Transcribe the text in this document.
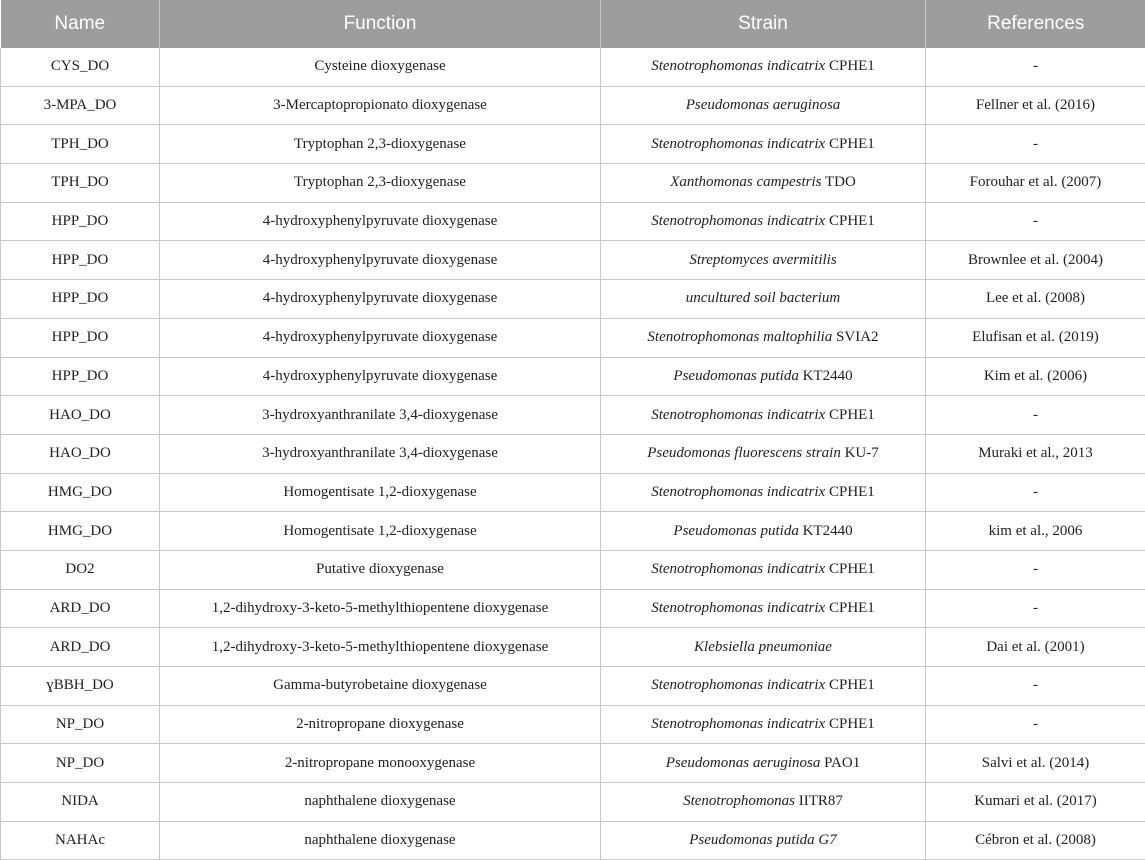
Name	Function	Strain	References
CYS_DO	Cysteine dioxygenase	Stenotrophomonas indicatrix CPHE1	-
3-MPA_DO	3-Mercaptopropionato dioxygenase	Pseudomonas aeruginosa	Fellner et al. (2016)
TPH_DO	Tryptophan 2,3-dioxygenase	Stenotrophomonas indicatrix CPHE1	-
TPH_DO	Tryptophan 2,3-dioxygenase	Xanthomonas campestris TDO	Forouhar et al. (2007)
HPP_DO	4-hydroxyphenylpyruvate dioxygenase	Stenotrophomonas indicatrix CPHE1	-
HPP_DO	4-hydroxyphenylpyruvate dioxygenase	Streptomyces avermitilis	Brownlee et al. (2004)
HPP_DO	4-hydroxyphenylpyruvate dioxygenase	uncultured soil bacterium	Lee et al. (2008)
HPP_DO	4-hydroxyphenylpyruvate dioxygenase	Stenotrophomonas maltophilia SVIA2	Elufisan et al. (2019)
HPP_DO	4-hydroxyphenylpyruvate dioxygenase	Pseudomonas putida KT2440	Kim et al. (2006)
HAO_DO	3-hydroxyanthranilate 3,4-dioxygenase	Stenotrophomonas indicatrix CPHE1	-
HAO_DO	3-hydroxyanthranilate 3,4-dioxygenase	Pseudomonas fluorescens strain KU-7	Muraki et al., 2013
HMG_DO	Homogentisate 1,2-dioxygenase	Stenotrophomonas indicatrix CPHE1	-
HMG_DO	Homogentisate 1,2-dioxygenase	Pseudomonas putida KT2440	kim et al., 2006
DO2	Putative dioxygenase	Stenotrophomonas indicatrix CPHE1	-
ARD_DO	1,2-dihydroxy-3-keto-5-methylthiopentene dioxygenase	Stenotrophomonas indicatrix CPHE1	-
ARD_DO	1,2-dihydroxy-3-keto-5-methylthiopentene dioxygenase	Klebsiella pneumoniae	Dai et al. (2001)
ɣBBH_DO	Gamma-butyrobetaine dioxygenase	Stenotrophomonas indicatrix CPHE1	-
NP_DO	2-nitropropane dioxygenase	Stenotrophomonas indicatrix CPHE1	-
NP_DO	2-nitropropane monooxygenase	Pseudomonas aeruginosa PAO1	Salvi et al. (2014)
NIDA	naphthalene dioxygenase	Stenotrophomonas IITR87	Kumari et al. (2017)
NAHAc	naphthalene dioxygenase	Pseudomonas putida G7	Cébron et al. (2008)
